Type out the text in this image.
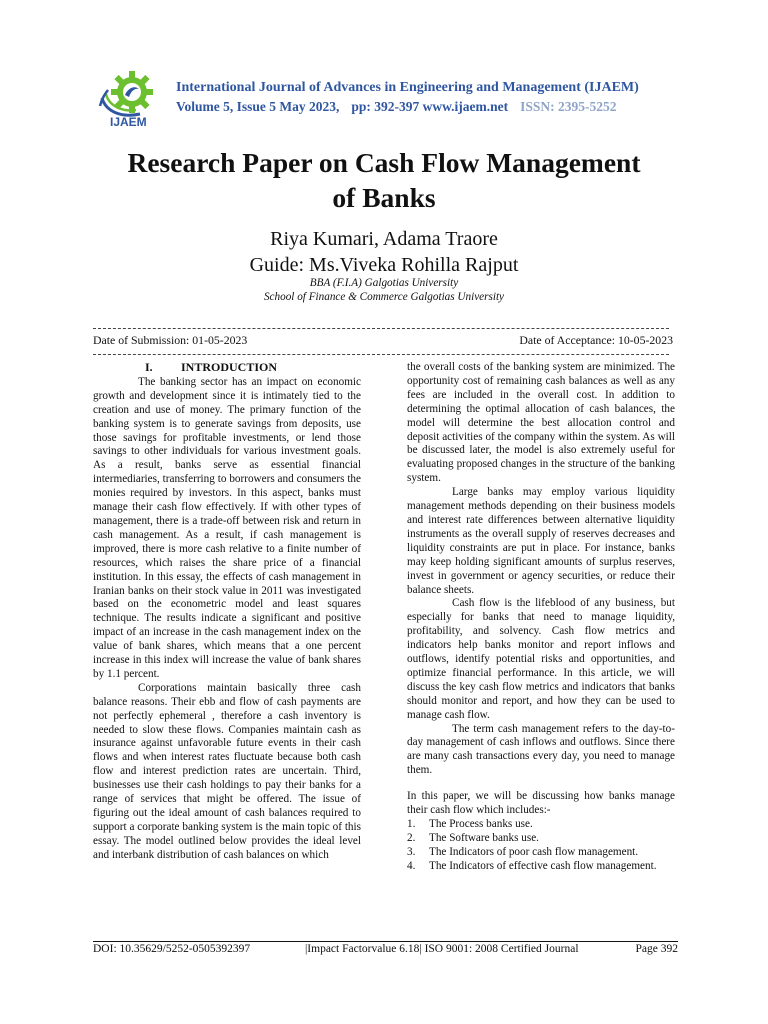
IJAEM
International Journal of Advances in Engineering and Management (IJAEM)
Volume 5, Issue 5 May 2023, pp: 392-397 www.ijaem.net ISSN: 2395-5252
Research Paper on Cash Flow Management
of Banks
Riya Kumari, Adama Traore
Guide: Ms.Viveka Rohilla Rajput
BBA (F.I.A) Galgotias University
School of Finance & Commerce Galgotias University
Date of Submission: 01-05-2023	Date of Acceptance: 10-05-2023

I. INTRODUCTION

The banking sector has an impact on economic growth and development since it is intimately tied to the creation and use of money. The primary function of the banking system is to generate savings from deposits, use those savings for profitable investments, or lend those savings to other individuals for various investment goals. As a result, banks serve as essential financial intermediaries, transferring to borrowers and consumers the monies required by investors. In this aspect, banks must manage their cash flow effectively. If with other types of management, there is a trade-off between risk and return in cash management. As a result, if cash management is improved, there is more cash relative to a finite number of resources, which raises the share price of a financial institution. In this essay, the effects of cash management in Iranian banks on their stock value in 2011 was investigated based on the econometric model and least squares technique. The results indicate a significant and positive impact of an increase in the cash management index on the value of bank shares, which means that a one percent increase in this index will increase the value of bank shares by 1.1 percent.

Corporations maintain basically three cash balance reasons. Their ebb and flow of cash payments are not perfectly ephemeral , therefore a cash inventory is needed to slow these flows. Companies maintain cash as insurance against unfavorable future events in their cash flows and when interest rates fluctuate because both cash flow and interest prediction rates are uncertain. Third, businesses use their cash holdings to pay their banks for a range of services that might be offered. The issue of figuring out the ideal amount of cash balances required to support a corporate banking system is the main topic of this essay. The model outlined below provides the ideal level and interbank distribution of cash balances on which

the overall costs of the banking system are minimized. The opportunity cost of remaining cash balances as well as any fees are included in the overall cost. In addition to determining the optimal allocation of cash balances, the model will determine the best allocation control and deposit activities of the company within the system. As will be discussed later, the model is also extremely useful for evaluating proposed changes in the structure of the banking system.

Large banks may employ various liquidity management methods depending on their business models and interest rate differences between alternative liquidity instruments as the overall supply of reserves decreases and liquidity constraints are put in place. For instance, banks may keep holding significant amounts of surplus reserves, invest in government or agency securities, or reduce their balance sheets.

Cash flow is the lifeblood of any business, but especially for banks that need to manage liquidity, profitability, and solvency. Cash flow metrics and indicators help banks monitor and report inflows and outflows, identify potential risks and opportunities, and optimize financial performance. In this article, we will discuss the key cash flow metrics and indicators that banks should monitor and report, and how they can be used to manage cash flow.

The term cash management refers to the day-to-day management of cash inflows and outflows. Since there are many cash transactions every day, you need to manage them.

In this paper, we will be discussing how banks manage their cash flow which includes:-

1. The Process banks use.
2. The Software banks use.
3. The Indicators of poor cash flow management.
4. The Indicators of effective cash flow management.
DOI: 10.35629/5252-0505392397	|Impact Factorvalue 6.18| ISO 9001: 2008 Certified Journal	Page 392
